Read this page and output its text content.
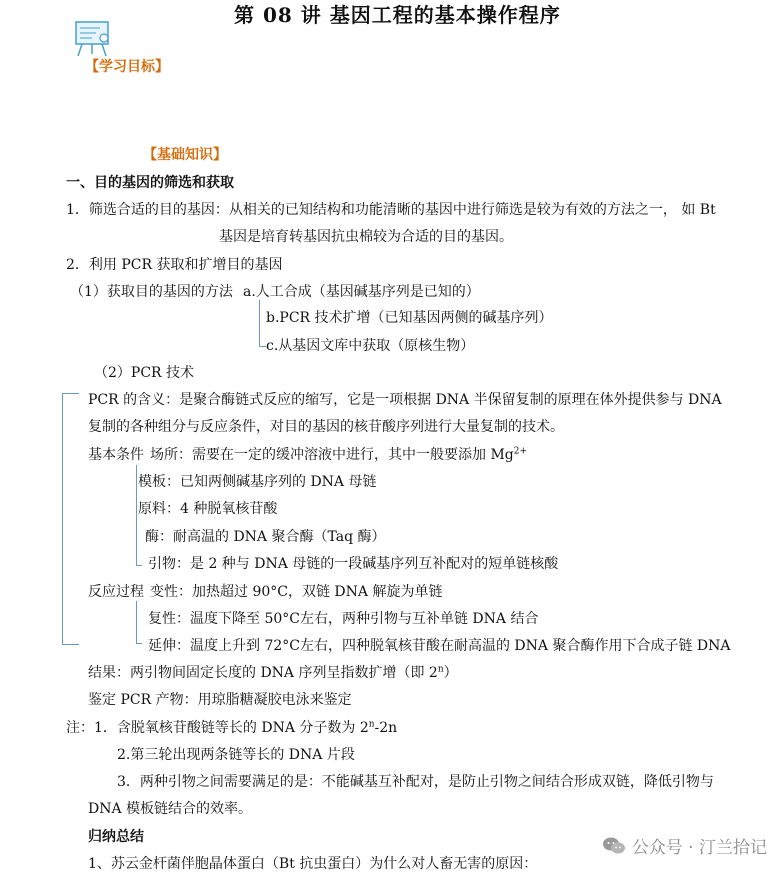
第 08 讲 基因工程的基本操作程序
【学习目标】
【基础知识】
一、目的基因的筛选和获取
1．筛选合适的目的基因：从相关的已知结构和功能清晰的基因中进行筛选是较为有效的方法之一， 如 Bt
基因是培育转基因抗虫棉较为合适的目的基因。
2．利用 PCR 获取和扩增目的基因
（1）获取目的基因的方法 a.人工合成（基因碱基序列是已知的）
b.PCR 技术扩增（已知基因两侧的碱基序列）
c.从基因文库中获取（原核生物）
（2）PCR 技术
PCR 的含义：是聚合酶链式反应的缩写，它是一项根据 DNA 半保留复制的原理在体外提供参与 DNA
复制的各种组分与反应条件，对目的基因的核苷酸序列进行大量复制的技术。
基本条件 场所：需要在一定的缓冲溶液中进行，其中一般要添加 $Mg^{2+}$
模板：已知两侧碱基序列的 DNA 母链
原料：4 种脱氧核苷酸
酶：耐高温的 DNA 聚合酶（Taq 酶）
引物：是 2 种与 DNA 母链的一段碱基序列互补配对的短单链核酸
反应过程 变性：加热超过 90°C，双链 DNA 解旋为单链
复性：温度下降至 50°C左右，两种引物与互补单链 DNA 结合
延伸：温度上升到 72°C左右，四种脱氧核苷酸在耐高温的 DNA 聚合酶作用下合成子链 DNA
结果：两引物间固定长度的 DNA 序列呈指数扩增（即 2$^n$）
鉴定 PCR 产物：用琼脂糖凝胶电泳来鉴定
注：1．含脱氧核苷酸链等长的 DNA 分子数为 2$^n$-2n
2.第三轮出现两条链等长的 DNA 片段
3．两种引物之间需要满足的是：不能碱基互补配对，是防止引物之间结合形成双链，降低引物与
DNA 模板链结合的效率。
归纳总结
1、苏云金杆菌伴胞晶体蛋白（Bt 抗虫蛋白）为什么对人畜无害的原因：
公众号 · 汀兰拾记
